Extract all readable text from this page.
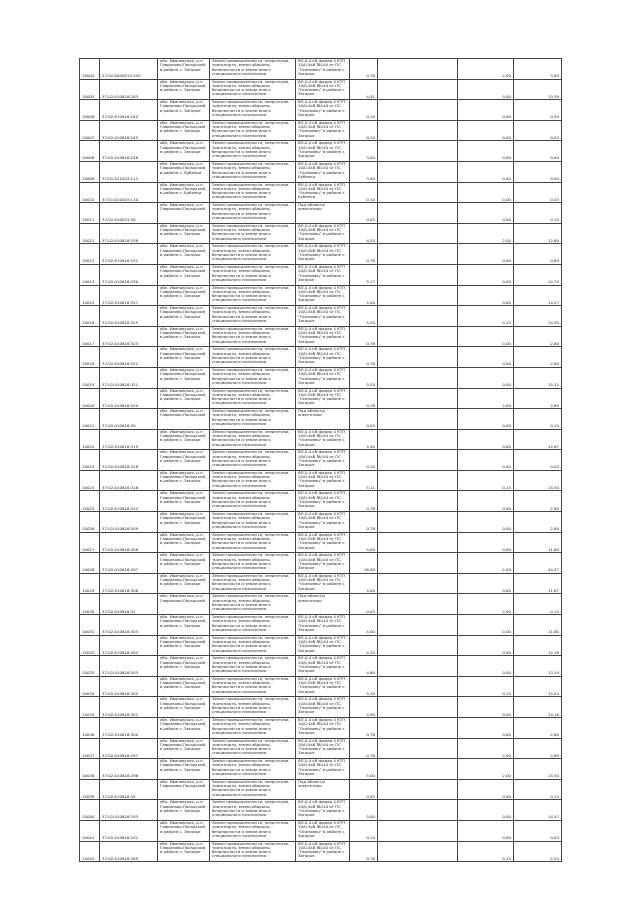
10004	27:02:0000915:343	обл. Ивановская, р-н Гаврилово-Посадский, в районе с. Загорье	Земли промышленности, энергетики, транспорта, земли обороны, безопасности и земли иного специального назначения	ВЛ-0,4 кВ фидер 4 КТП 10/0,4кВ №144 от ПС "Осиновец" в районе с. Загорье	0,78		2,00	3,89
10005	37:02:010816:283	обл. Ивановская, р-н Гаврилово-Посадский, в районе с. Загорье	Земли промышленности, энергетики, транспорта, земли обороны, безопасности и земли иного специального назначения	ВЛ-0,4 кВ фидер 4 КТП 10/0,4кВ №144 от ПС "Осиновец" в районе с. Загорье	4,41		0,00	13,39
10006	37:02:010816:244	обл. Ивановская, р-н Гаврилово-Посадский, в районе с. Загорье	Земли промышленности, энергетики, транспорта, земли обороны, безопасности и земли иного специального назначения	ВЛ-0,4 кВ фидер 4 КТП 10/0,4кВ №144 от ПС "Осиновец" в районе с. Загорье	0,19		0,00	0,59
10007	37:02:010816:245	обл. Ивановская, р-н Гаврилово-Посадский, в районе с. Загорье	Земли промышленности, энергетики, транспорта, земли обороны, безопасности и земли иного специального назначения	ВЛ-0,4 кВ фидер 4 КТП 10/0,4кВ №144 от ПС "Осиновец" в районе с. Загорье	0,10		0,00	0,03
10008	37:02:010816:246	обл. Ивановская, р-н Гаврилово-Посадский, в районе с. Загорье	Земли промышленности, энергетики, транспорта, земли обороны, безопасности и земли иного специального назначения	ВЛ-0,4 кВ фидер 4 КТП 10/0,4кВ №144 от ПС "Осиновец" в районе с. Загорье	3,00		0,00	9,00
10009	37:01:011003:111	обл. Ивановская, р-н Гаврилово-Посадский, в районе с. Бубенки	Земли промышленности, энергетики, транспорта, земли обороны, безопасности и земли иного специального назначения	ВЛ-0,4 кВ фидер 4 КТП 10/0,4кВ №144 от ПС "Осиновец" в районе с. Бубенки	3,00		0,00	9,00
10010	37:01:010015:110	обл. Ивановская, р-н Гаврилово-Посадский, в районе с. Бубенки	Земли промышленности, энергетики, транспорта, земли обороны, безопасности и земли иного специального назначения	ВЛ-0,4 кВ фидер 4 КТП 10/0,4кВ №144 от ПС "Осиновец" в районе с. Бубенки	0,10		0,00	0,03
10011	37:02:010015:30	обл. Ивановская, р-н Гаврилово-Посадский	Земли промышленности, энергетики, транспорта, земли обороны, безопасности и земли иного специального назначения	Под объекты энергетики	0,05		0,00	0,15
10012	37:02:010816:338	обл. Ивановская, р-н Гаврилово-Посадский, в районе с. Загорье	Земли промышленности, энергетики, транспорта, земли обороны, безопасности и земли иного специального назначения	ВЛ-0,4 кВ фидер 4 КТП 10/0,4кВ №144 от ПС "Осиновец" в районе с. Загорье	4,20		2,00	12,60
10013	37:02:010816:331	обл. Ивановская, р-н Гаврилово-Посадский, в районе с. Загорье	Земли промышленности, энергетики, транспорта, земли обороны, безопасности и земли иного специального назначения	ВЛ-0,4 кВ фидер 4 КТП 10/0,4кВ №144 от ПС "Осиновец" в районе с. Загорье	0,78		0,00	0,89
10014	37:02:010816:330	обл. Ивановская, р-н Гаврилово-Посадский, в районе с. Загорье	Земли промышленности, энергетики, транспорта, земли обороны, безопасности и земли иного специального назначения	ВЛ-0,4 кВ фидер 4 КТП 10/0,4кВ №144 от ПС "Осиновец" в районе с. Загорье	5,17		0,00	14,79
10015	37:02:010816:327	обл. Ивановская, р-н Гаврилово-Посадский, в районе с. Загорье	Земли промышленности, энергетики, транспорта, земли обороны, безопасности и земли иного специального назначения	ВЛ-0,4 кВ фидер 4 КТП 10/0,4кВ №144 от ПС "Осиновец" в районе с. Загорье	5,00		0,00	14,27
10016	37:02:010816:325	обл. Ивановская, р-н Гаврилово-Посадский, в районе с. Загорье	Земли промышленности, энергетики, транспорта, земли обороны, безопасности и земли иного специального назначения	ВЛ-0,4 кВ фидер 4 КТП 10/0,4кВ №144 от ПС "Осиновец" в районе с. Загорье	5,20		0,15	14,50
10017	37:02:010816:323	обл. Ивановская, р-н Гаврилово-Посадский, в районе с. Загорье	Земли промышленности, энергетики, транспорта, земли обороны, безопасности и земли иного специального назначения	ВЛ-0,4 кВ фидер 4 КТП 10/0,4кВ №144 от ПС "Осиновец" в районе с. Загорье	0,78		0,00	2,80
10018	37:02:010816:322	обл. Ивановская, р-н Гаврилово-Посадский, в районе с. Загорье	Земли промышленности, энергетики, транспорта, земли обороны, безопасности и земли иного специального назначения	ВЛ-0,4 кВ фидер 4 КТП 10/0,4кВ №144 от ПС "Осиновец" в районе с. Загорье	0,78		0,00	2,80
10019	37:02:010816:321	обл. Ивановская, р-н Гаврилово-Посадский, в районе с. Загорье	Земли промышленности, энергетики, транспорта, земли обороны, безопасности и земли иного специального назначения	ВЛ-0,4 кВ фидер 4 КТП 10/0,4кВ №144 от ПС "Осиновец" в районе с. Загорье	5,20		0,00	15,12
10020	37:02:010816:320	обл. Ивановская, р-н Гаврилово-Посадский, в районе с. Загорье	Земли промышленности, энергетики, транспорта, земли обороны, безопасности и земли иного специального назначения	ВЛ-0,4 кВ фидер 4 КТП 10/0,4кВ №144 от ПС "Осиновец" в районе с. Загорье	0,78		2,00	2,89
10021	37:02:010816:30	обл. Ивановская, р-н Гаврилово-Посадский	Земли промышленности, энергетики, транспорта, земли обороны, безопасности и земли иного специального назначения	Под объекты энергетики	0,05		0,00	0,15
10022	37:02:010816:319	обл. Ивановская, р-н Гаврилово-Посадский, в районе с. Загорье	Земли промышленности, энергетики, транспорта, земли обороны, безопасности и земли иного специального назначения	ВЛ-0,4 кВ фидер 4 КТП 10/0,4кВ №144 от ПС "Осиновец" в районе с. Загорье	4,40		0,00	12,67
10023	37:02:010816:318	обл. Ивановская, р-н Гаврилово-Посадский, в районе с. Загорье	Земли промышленности, энергетики, транспорта, земли обороны, безопасности и земли иного специального назначения	ВЛ-0,4 кВ фидер 4 КТП 10/0,4кВ №144 от ПС "Осиновец" в районе с. Загорье	0,10		0,00	0,03
10024	37:02:010816:316	обл. Ивановская, р-н Гаврилово-Посадский, в районе с. Загорье	Земли промышленности, энергетики, транспорта, земли обороны, безопасности и земли иного специального назначения	ВЛ-0,4 кВ фидер 4 КТП 10/0,4кВ №144 от ПС "Осиновец" в районе с. Загорье	5,11		0,15	14,50
10025	37:02:010816:314	обл. Ивановская, р-н Гаврилово-Посадский, в районе с. Загорье	Земли промышленности, энергетики, транспорта, земли обороны, безопасности и земли иного специального назначения	ВЛ-0,4 кВ фидер 4 КТП 10/0,4кВ №144 от ПС "Осиновец" в районе с. Загорье	0,78		0,00	2,80
10026	37:02:010816:309	обл. Ивановская, р-н Гаврилово-Посадский, в районе с. Загорье	Земли промышленности, энергетики, транспорта, земли обороны, безопасности и земли иного специального назначения	ВЛ-0,4 кВ фидер 4 КТП 10/0,4кВ №144 от ПС "Осиновец" в районе с. Загорье	0,78		0,00	2,80
10027	37:02:010816:308	обл. Ивановская, р-н Гаврилово-Посадский, в районе с. Загорье	Земли промышленности, энергетики, транспорта, земли обороны, безопасности и земли иного специального назначения	ВЛ-0,4 кВ фидер 4 КТП 10/0,4кВ №144 от ПС "Осиновец" в районе с. Загорье	4,00		0,00	11,60
10028	37:02:010816:307	обл. Ивановская, р-н Гаврилово-Посадский, в районе с. Загорье	Земли промышленности, энергетики, транспорта, земли обороны, безопасности и земли иного специального назначения	ВЛ-0,4 кВ фидер 4 КТП 10/0,4кВ №144 от ПС "Осиновец" в районе с. Загорье	16,00		2,00	44,37
10029	37:02:010816:306	обл. Ивановская, р-н Гаврилово-Посадский, в районе с. Загорье	Земли промышленности, энергетики, транспорта, земли обороны, безопасности и земли иного специального назначения	ВЛ-0,4 кВ фидер 4 КТП 10/0,4кВ №144 от ПС "Осиновец" в районе с. Загорье	4,00		0,00	11,67
10030	37:02:010816:31	обл. Ивановская, р-н Гаврилово-Посадский	Земли промышленности, энергетики, транспорта, земли обороны, безопасности и земли иного специального назначения	Под объекты энергетики	0,05		2,00	0,15
10031	37:02:010816:305	обл. Ивановская, р-н Гаврилово-Посадский, в районе с. Загорье	Земли промышленности, энергетики, транспорта, земли обороны, безопасности и земли иного специального назначения	ВЛ-0,4 кВ фидер 4 КТП 10/0,4кВ №144 от ПС "Осиновец" в районе с. Загорье	4,00		0,00	11,60
10032	37:02:010816:304	обл. Ивановская, р-н Гаврилово-Посадский, в районе с. Загорье	Земли промышленности, энергетики, транспорта, земли обороны, безопасности и земли иного специального назначения	ВЛ-0,4 кВ фидер 4 КТП 10/0,4кВ №144 от ПС "Осиновец" в районе с. Загорье	4,20		0,00	12,18
10033	37:02:010816:303	обл. Ивановская, р-н Гаврилово-Посадский, в районе с. Загорье	Земли промышленности, энергетики, транспорта, земли обороны, безопасности и земли иного специального назначения	ВЛ-0,4 кВ фидер 4 КТП 10/0,4кВ №144 от ПС "Осиновец" в районе с. Загорье	4,60		0,00	13,34
10034	37:02:010816:302	обл. Ивановская, р-н Гаврилово-Посадский, в районе с. Загорье	Земли промышленности, энергетики, транспорта, земли обороны, безопасности и земли иного специального назначения	ВЛ-0,4 кВ фидер 4 КТП 10/0,4кВ №144 от ПС "Осиновец" в районе с. Загорье	5,10		0,15	15,04
10035	37:02:010816:301	обл. Ивановская, р-н Гаврилово-Посадский, в районе с. Загорье	Земли промышленности, энергетики, транспорта, земли обороны, безопасности и земли иного специального назначения	ВЛ-0,4 кВ фидер 4 КТП 10/0,4кВ №144 от ПС "Осиновец" в районе с. Загорье	4,90		0,00	14,18
10036	37:02:010816:300	обл. Ивановская, р-н Гаврилово-Посадский, в районе с. Загорье	Земли промышленности, энергетики, транспорта, земли обороны, безопасности и земли иного специального назначения	ВЛ-0,4 кВ фидер 4 КТП 10/0,4кВ №144 от ПС "Осиновец" в районе с. Загорье	0,78		0,00	2,80
10037	37:02:010816:297	обл. Ивановская, р-н Гаврилово-Посадский, в районе с. Загорье	Земли промышленности, энергетики, транспорта, земли обороны, безопасности и земли иного специального назначения	ВЛ-0,4 кВ фидер 4 КТП 10/0,4кВ №144 от ПС "Осиновец" в районе с. Загорье	0,78		2,00	2,89
10038	37:02:010816:296	обл. Ивановская, р-н Гаврилово-Посадский, в районе с. Загорье	Земли промышленности, энергетики, транспорта, земли обороны, безопасности и земли иного специального назначения	ВЛ-0,4 кВ фидер 4 КТП 10/0,4кВ №144 от ПС "Осиновец" в районе с. Загорье	5,00		2,00	14,50
10039	37:02:010816:32	обл. Ивановская, р-н Гаврилово-Посадский	Земли промышленности, энергетики, транспорта, земли обороны, безопасности и земли иного специального назначения	Под объекты энергетики	0,05		0,00	0,15
10040	37:02:010816:293	обл. Ивановская, р-н Гаврилово-Посадский, в районе с. Загорье	Земли промышленности, энергетики, транспорта, земли обороны, безопасности и земли иного специального назначения	ВЛ-0,4 кВ фидер 4 КТП 10/0,4кВ №144 от ПС "Осиновец" в районе с. Загорье	5,00		0,00	14,47
10041	37:02:010816:291	обл. Ивановская, р-н Гаврилово-Посадский, в районе с. Загорье	Земли промышленности, энергетики, транспорта, земли обороны, безопасности и земли иного специального назначения	ВЛ-0,4 кВ фидер 4 КТП 10/0,4кВ №144 от ПС "Осиновец" в районе с. Загорье	0,10		0,00	0,03
10042	37:02:010816:289	обл. Ивановская, р-н Гаврилово-Посадский, в районе с. Загорье	Земли промышленности, энергетики, транспорта, земли обороны, безопасности и земли иного специального назначения	ВЛ-0,4 кВ фидер 4 КТП 10/0,4кВ №144 от ПС "Осиновец" в районе с. Загорье	0,78		0,15	2,54
